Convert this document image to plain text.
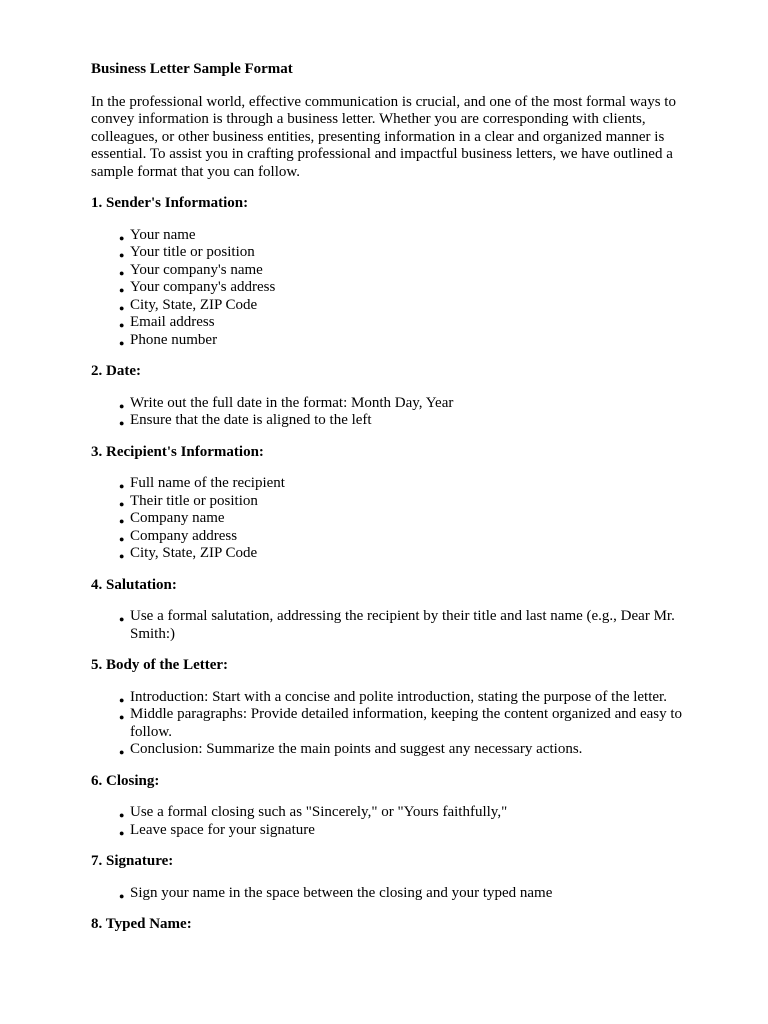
Business Letter Sample Format

In the professional world, effective communication is crucial, and one of the most formal ways to convey information is through a business letter. Whether you are corresponding with clients, colleagues, or other business entities, presenting information in a clear and organized manner is essential. To assist you in crafting professional and impactful business letters, we have outlined a sample format that you can follow.

1. Sender's Information:
● Your name
● Your title or position
● Your company's name
● Your company's address
● City, State, ZIP Code
● Email address
● Phone number
2. Date:
● Write out the full date in the format: Month Day, Year
● Ensure that the date is aligned to the left
3. Recipient's Information:
● Full name of the recipient
● Their title or position
● Company name
● Company address
● City, State, ZIP Code
4. Salutation:
● Use a formal salutation, addressing the recipient by their title and last name (e.g., Dear Mr. Smith:)
5. Body of the Letter:
● Introduction: Start with a concise and polite introduction, stating the purpose of the letter.
● Middle paragraphs: Provide detailed information, keeping the content organized and easy to follow.
● Conclusion: Summarize the main points and suggest any necessary actions.
6. Closing:
● Use a formal closing such as "Sincerely," or "Yours faithfully,"
● Leave space for your signature
7. Signature:
● Sign your name in the space between the closing and your typed name
8. Typed Name:
